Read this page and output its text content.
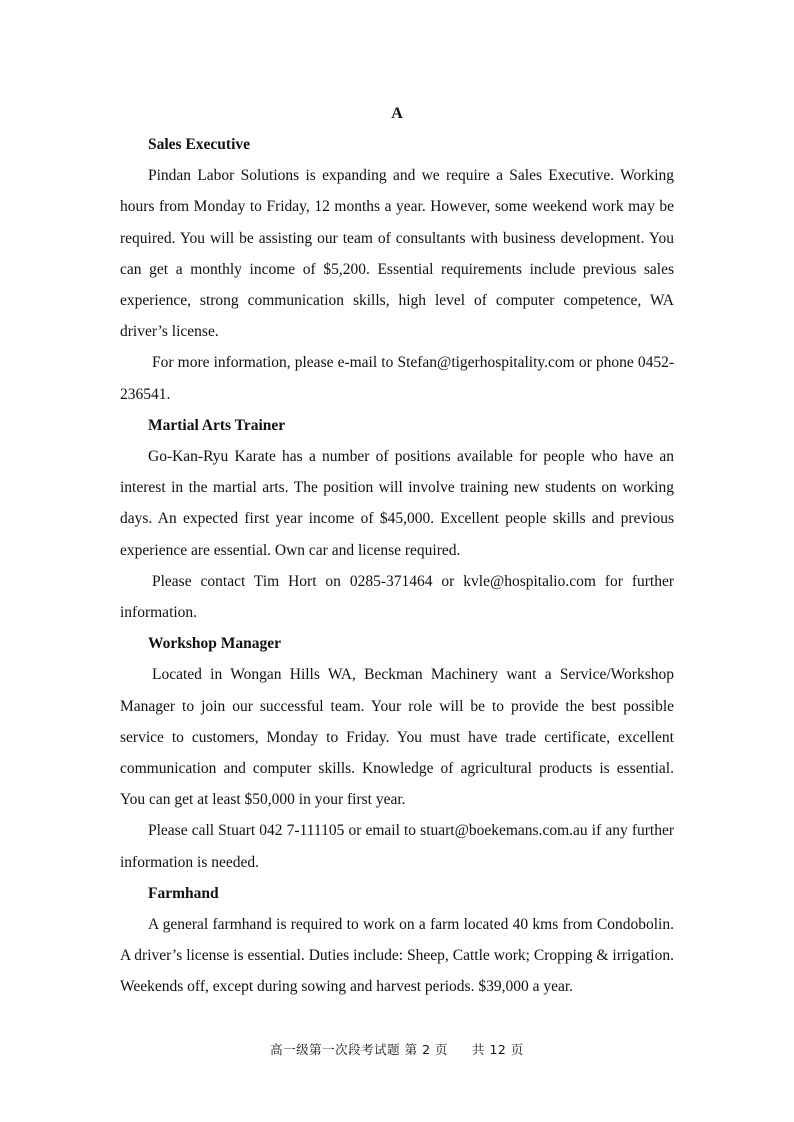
A
Sales Executive

Pindan Labor Solutions is expanding and we require a Sales Executive. Working hours from Monday to Friday, 12 months a year. However, some weekend work may be required. You will be assisting our team of consultants with business development. You can get a monthly income of $5,200. Essential requirements include previous sales experience, strong communication skills, high level of computer competence, WA driver’s license.

For more information, please e-mail to Stefan@tigerhospitality.com or phone 0452-236541.

Martial Arts Trainer

Go-Kan-Ryu Karate has a number of positions available for people who have an interest in the martial arts. The position will involve training new students on working days. An expected first year income of $45,000. Excellent people skills and previous experience are essential. Own car and license required.

Please contact Tim Hort on 0285-371464 or kvle@hospitalio.com for further information.

Workshop Manager

Located in Wongan Hills WA, Beckman Machinery want a Service/Workshop Manager to join our successful team. Your role will be to provide the best possible service to customers, Monday to Friday. You must have trade certificate, excellent communication and computer skills. Knowledge of agricultural products is essential. You can get at least $50,000 in your first year.

Please call Stuart 042 7-111105 or email to stuart@boekemans.com.au if any further information is needed.

Farmhand

A general farmhand is required to work on a farm located 40 kms from Condobolin. A driver’s license is essential. Duties include: Sheep, Cattle work; Cropping & irrigation. Weekends off, except during sowing and harvest periods. $39,000 a year.

高一级第一次段考试题 第 2 页 共 12 页
